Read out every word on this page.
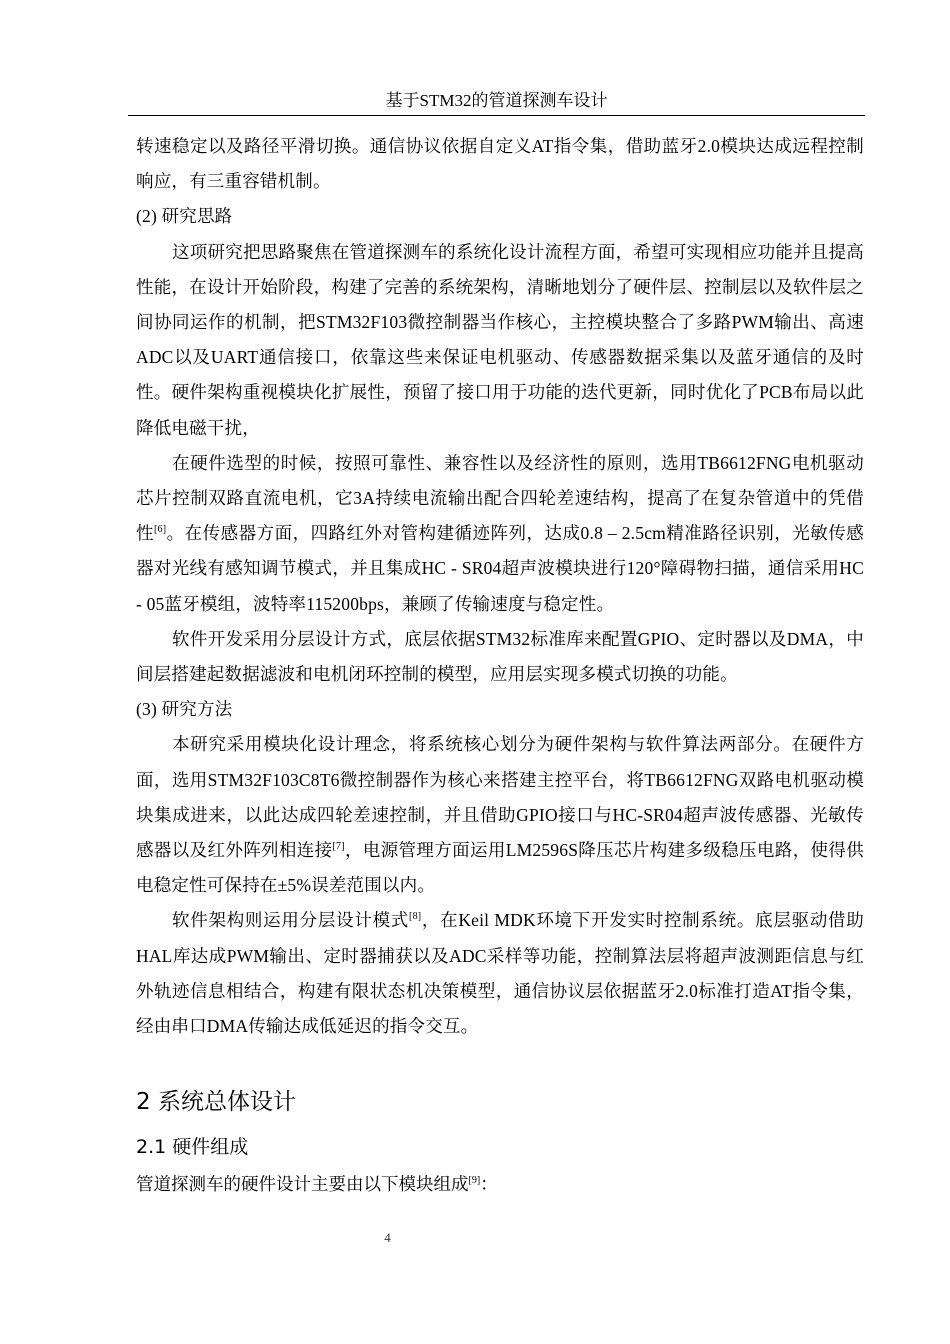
基于STM32的管道探测车设计

转速稳定以及路径平滑切换。通信协议依据自定义AT指令集，借助蓝牙2.0模块达成远程控制响应，有三重容错机制。

(2) 研究思路

这项研究把思路聚焦在管道探测车的系统化设计流程方面，希望可实现相应功能并且提高性能，在设计开始阶段，构建了完善的系统架构，清晰地划分了硬件层、控制层以及软件层之间协同运作的机制，把STM32F103微控制器当作核心，主控模块整合了多路PWM输出、高速ADC以及UART通信接口，依靠这些来保证电机驱动、传感器数据采集以及蓝牙通信的及时性。硬件架构重视模块化扩展性，预留了接口用于功能的迭代更新，同时优化了PCB布局以此降低电磁干扰，

在硬件选型的时候，按照可靠性、兼容性以及经济性的原则，选用TB6612FNG电机驱动芯片控制双路直流电机，它3A持续电流输出配合四轮差速结构，提高了在复杂管道中的凭借性[6]。在传感器方面，四路红外对管构建循迹阵列，达成0.8 – 2.5cm精准路径识别，光敏传感器对光线有感知调节模式，并且集成HC - SR04超声波模块进行120°障碍物扫描，通信采用HC - 05蓝牙模组，波特率115200bps，兼顾了传输速度与稳定性。

软件开发采用分层设计方式，底层依据STM32标准库来配置GPIO、定时器以及DMA，中间层搭建起数据滤波和电机闭环控制的模型，应用层实现多模式切换的功能。

(3) 研究方法

本研究采用模块化设计理念，将系统核心划分为硬件架构与软件算法两部分。在硬件方面，选用STM32F103C8T6微控制器作为核心来搭建主控平台，将TB6612FNG双路电机驱动模块集成进来，以此达成四轮差速控制，并且借助GPIO接口与HC-SR04超声波传感器、光敏传感器以及红外阵列相连接[7]，电源管理方面运用LM2596S降压芯片构建多级稳压电路，使得供电稳定性可保持在±5%误差范围以内。

软件架构则运用分层设计模式[8]，在Keil MDK环境下开发实时控制系统。底层驱动借助HAL库达成PWM输出、定时器捕获以及ADC采样等功能，控制算法层将超声波测距信息与红外轨迹信息相结合，构建有限状态机决策模型，通信协议层依据蓝牙2.0标准打造AT指令集，经由串口DMA传输达成低延迟的指令交互。

2 系统总体设计
2.1 硬件组成

管道探测车的硬件设计主要由以下模块组成[9]：

4
